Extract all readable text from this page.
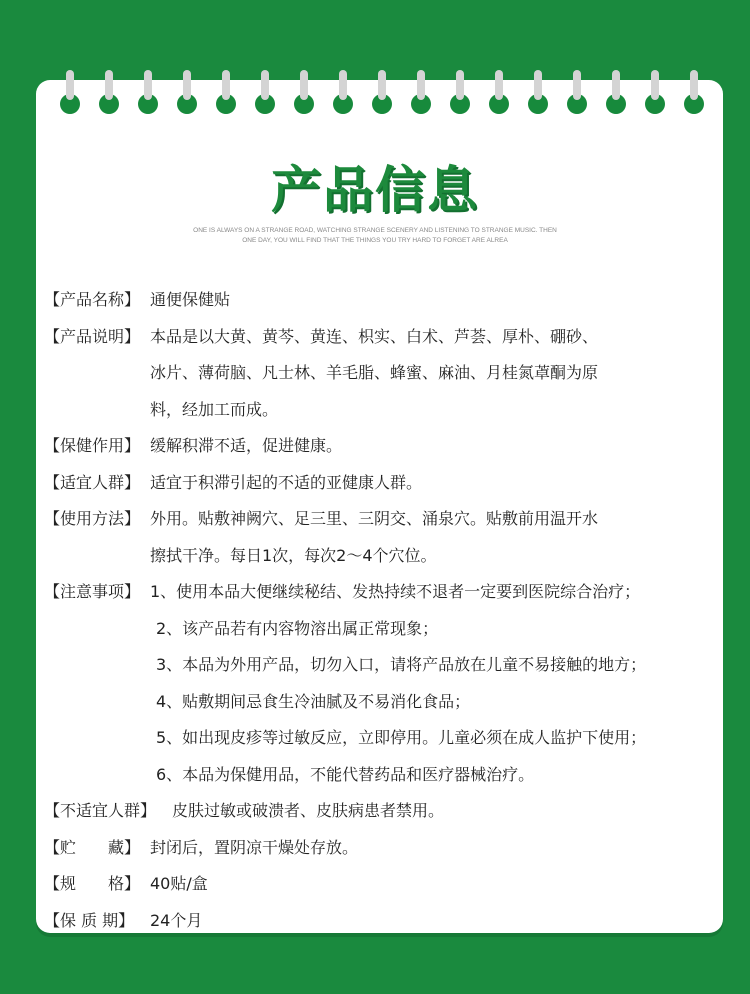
产品信息
ONE IS ALWAYS ON A STRANGE ROAD, WATCHING STRANGE SCENERY AND LISTENING TO STRANGE MUSIC. THEN
ONE DAY, YOU WILL FIND THAT THE THINGS YOU TRY HARD TO FORGET ARE ALREA
【产品名称】 通便保健贴
【产品说明】 本品是以大黄、黄芩、黄连、枳实、白术、芦荟、厚朴、硼砂、
冰片、薄荷脑、凡士林、羊毛脂、蜂蜜、麻油、月桂氮䓬酮为原
料，经加工而成。
【保健作用】 缓解积滞不适，促进健康。
【适宜人群】 适宜于积滞引起的不适的亚健康人群。
【使用方法】 外用。贴敷神阙穴、足三里、三阴交、涌泉穴。贴敷前用温开水
擦拭干净。每日1次，每次2～4个穴位。
【注意事项】 1、使用本品大便继续秘结、发热持续不退者一定要到医院综合治疗；
2、该产品若有内容物溶出属正常现象；
3、本品为外用产品，切勿入口，请将产品放在儿童不易接触的地方；
4、贴敷期间忌食生冷油腻及不易消化食品；
5、如出现皮疹等过敏反应，立即停用。儿童必须在成人监护下使用；
6、本品为保健用品，不能代替药品和医疗器械治疗。
【不适宜人群】 皮肤过敏或破溃者、皮肤病患者禁用。
【贮　　藏】 封闭后，置阴凉干燥处存放。
【规　　格】 40贴/盒
【保 质 期】 24个月
